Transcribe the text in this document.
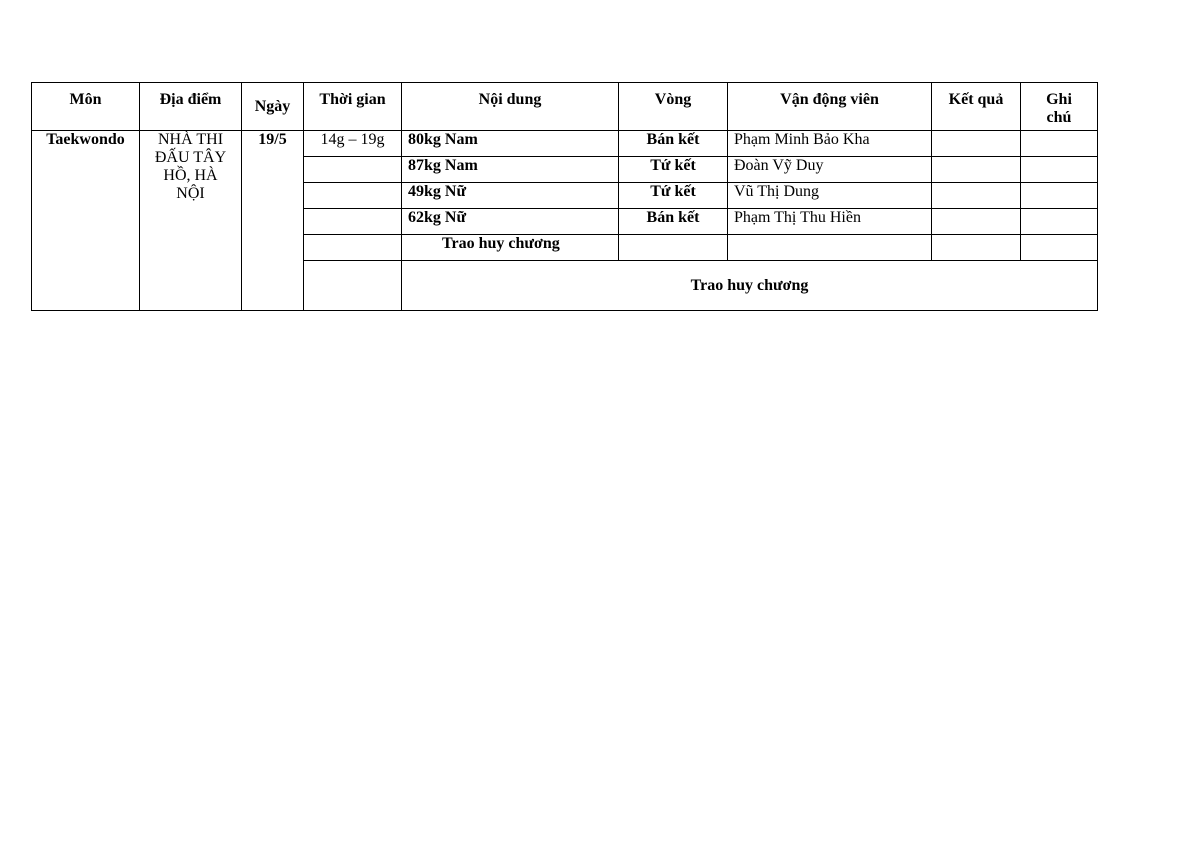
Môn	Địa điểm	Ngày	Thời gian	Nội dung	Vòng	Vận động viên	Kết quả	Ghi chú
Taekwondo	NHÀ THI ĐẤU TÂY HỒ, HÀ NỘI	19/5	14g – 19g	80kg Nam	Bán kết	Phạm Minh Bảo Kha		
				87kg Nam	Tứ kết	Đoàn Vỹ Duy		
				49kg Nữ	Tứ kết	Vũ Thị Dung		
				62kg Nữ	Bán kết	Phạm Thị Thu Hiền		
				Trao huy chương				
				Trao huy chương				
